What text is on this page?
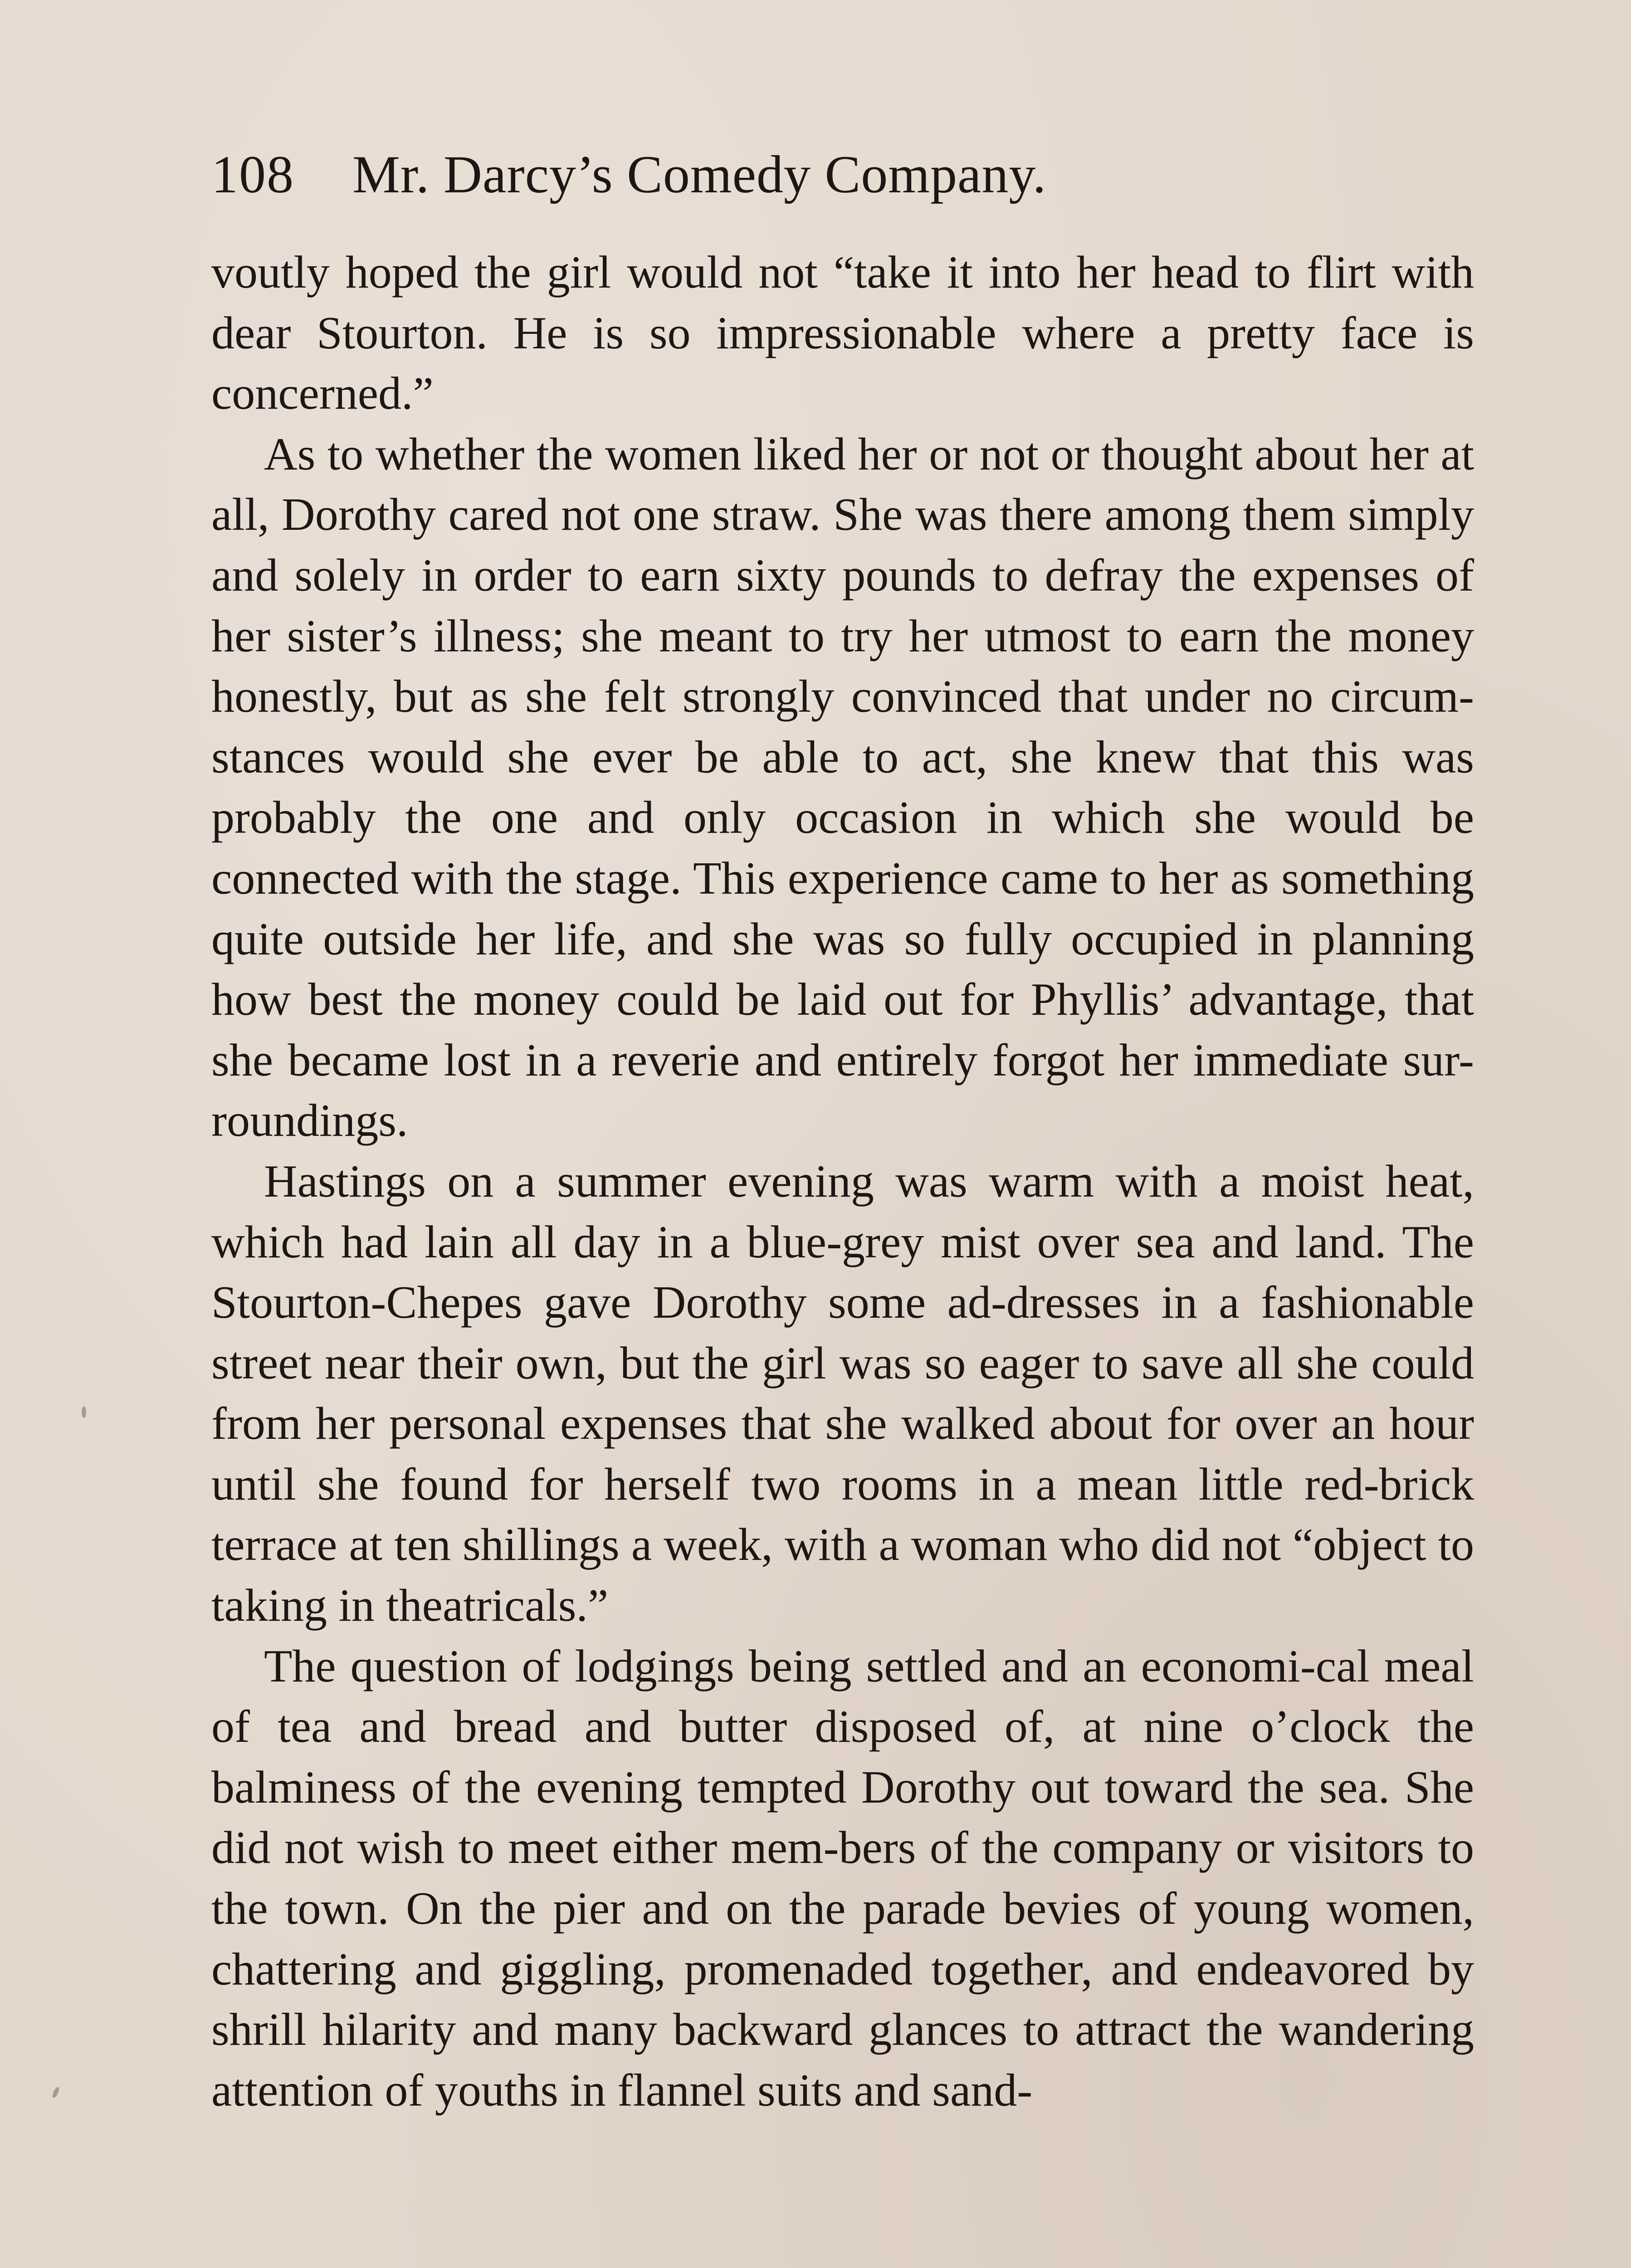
108 Mr. Darcy’s Comedy Company.

voutly hoped the girl would not “take it into her head to flirt with dear Stourton. He is so impressionable where a pretty face is concerned.”

As to whether the women liked her or not or thought about her at all, Dorothy cared not one straw. She was there among them simply and solely in order to earn sixty pounds to defray the expenses of her sister’s illness; she meant to try her utmost to earn the money honestly, but as she felt strongly convinced that under no circum-stances would she ever be able to act, she knew that this was probably the one and only occasion in which she would be connected with the stage. This experience came to her as something quite outside her life, and she was so fully occupied in planning how best the money could be laid out for Phyllis’ advantage, that she became lost in a reverie and entirely forgot her immediate sur-roundings.

Hastings on a summer evening was warm with a moist heat, which had lain all day in a blue-grey mist over sea and land. The Stourton-Chepes gave Dorothy some ad-dresses in a fashionable street near their own, but the girl was so eager to save all she could from her personal expenses that she walked about for over an hour until she found for herself two rooms in a mean little red-brick terrace at ten shillings a week, with a woman who did not “object to taking in theatricals.”

The question of lodgings being settled and an economi-cal meal of tea and bread and butter disposed of, at nine o’clock the balminess of the evening tempted Dorothy out toward the sea. She did not wish to meet either mem-bers of the company or visitors to the town. On the pier and on the parade bevies of young women, chattering and giggling, promenaded together, and endeavored by shrill hilarity and many backward glances to attract the wandering attention of youths in flannel suits and sand-
